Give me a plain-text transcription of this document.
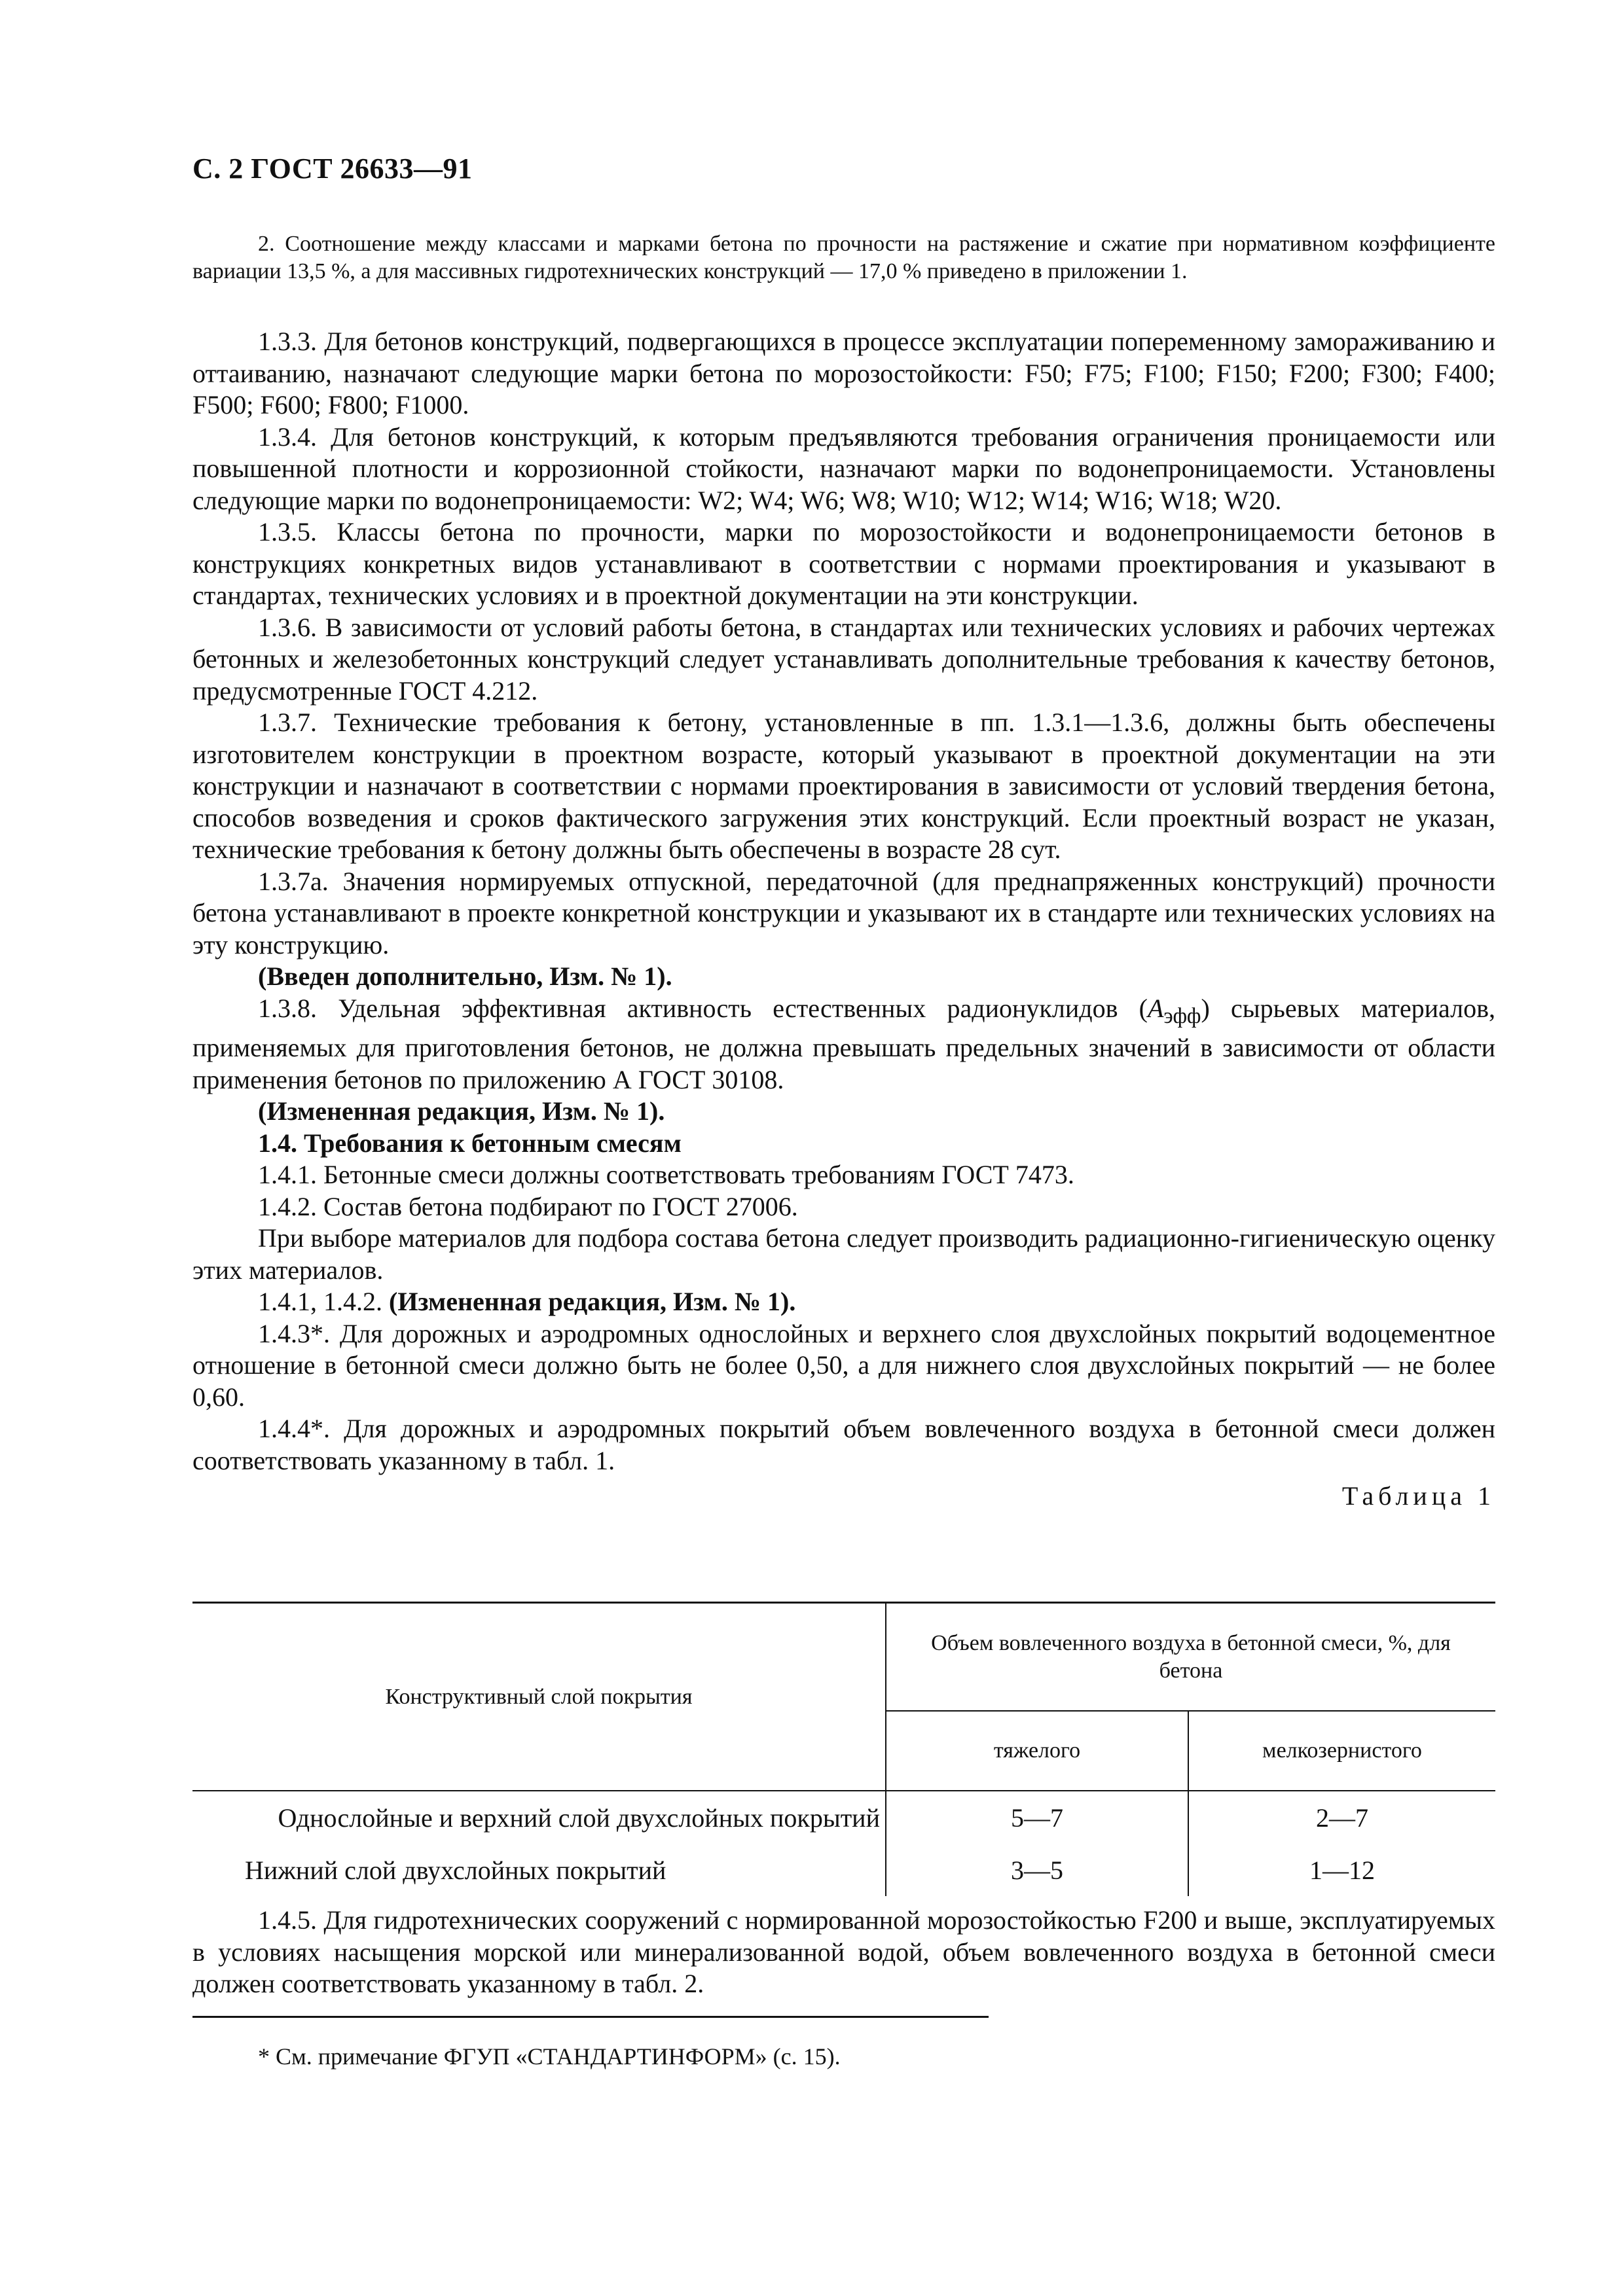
С. 2 ГОСТ 26633—91

2. Соотношение между классами и марками бетона по прочности на растяжение и сжатие при нормативном коэффициенте вариации 13,5 %, а для массивных гидротехнических конструкций — 17,0 % приведено в приложении 1.

1.3.3. Для бетонов конструкций, подвергающихся в процессе эксплуатации попеременному замораживанию и оттаиванию, назначают следующие марки бетона по морозостойкости: F50; F75; F100; F150; F200; F300; F400; F500; F600; F800; F1000.

1.3.4. Для бетонов конструкций, к которым предъявляются требования ограничения проницаемости или повышенной плотности и коррозионной стойкости, назначают марки по водонепроницаемости. Установлены следующие марки по водонепроницаемости: W2; W4; W6; W8; W10; W12; W14; W16; W18; W20.

1.3.5. Классы бетона по прочности, марки по морозостойкости и водонепроницаемости бетонов в конструкциях конкретных видов устанавливают в соответствии с нормами проектирования и указывают в стандартах, технических условиях и в проектной документации на эти конструкции.

1.3.6. В зависимости от условий работы бетона, в стандартах или технических условиях и рабочих чертежах бетонных и железобетонных конструкций следует устанавливать дополнительные требования к качеству бетонов, предусмотренные ГОСТ 4.212.

1.3.7. Технические требования к бетону, установленные в пп. 1.3.1—1.3.6, должны быть обеспечены изготовителем конструкции в проектном возрасте, который указывают в проектной документации на эти конструкции и назначают в соответствии с нормами проектирования в зависимости от условий твердения бетона, способов возведения и сроков фактического загружения этих конструкций. Если проектный возраст не указан, технические требования к бетону должны быть обеспечены в возрасте 28 сут.

1.3.7а. Значения нормируемых отпускной, передаточной (для преднапряженных конструкций) прочности бетона устанавливают в проекте конкретной конструкции и указывают их в стандарте или технических условиях на эту конструкцию.

(Введен дополнительно, Изм. № 1).

1.3.8. Удельная эффективная активность естественных радионуклидов $(A_{эфф})$ сырьевых материалов, применяемых для приготовления бетонов, не должна превышать предельных значений в зависимости от области применения бетонов по приложению А ГОСТ 30108.

(Измененная редакция, Изм. № 1).

1.4. Требования к бетонным смесям

1.4.1. Бетонные смеси должны соответствовать требованиям ГОСТ 7473.

1.4.2. Состав бетона подбирают по ГОСТ 27006.

При выборе материалов для подбора состава бетона следует производить радиационно-гигиеническую оценку этих материалов.

1.4.1, 1.4.2. (Измененная редакция, Изм. № 1).

1.4.3*. Для дорожных и аэродромных однослойных и верхнего слоя двухслойных покрытий водоцементное отношение в бетонной смеси должно быть не более 0,50, а для нижнего слоя двухслойных покрытий — не более 0,60.

1.4.4*. Для дорожных и аэродромных покрытий объем вовлеченного воздуха в бетонной смеси должен соответствовать указанному в табл. 1.

Таблица 1

Конструктивный слой покрытия	Объем вовлеченного воздуха в бетонной смеси, %, для бетона	
	тяжелого	мелкозернистого
Однослойные и верхний слой двухслойных покрытий	5—7	2—7
Нижний слой двухслойных покрытий	3—5	1—12

1.4.5. Для гидротехнических сооружений с нормированной морозостойкостью F200 и выше, эксплуатируемых в условиях насыщения морской или минерализованной водой, объем вовлеченного воздуха в бетонной смеси должен соответствовать указанному в табл. 2.

* См. примечание ФГУП «СТАНДАРТИНФОРМ» (с. 15).
